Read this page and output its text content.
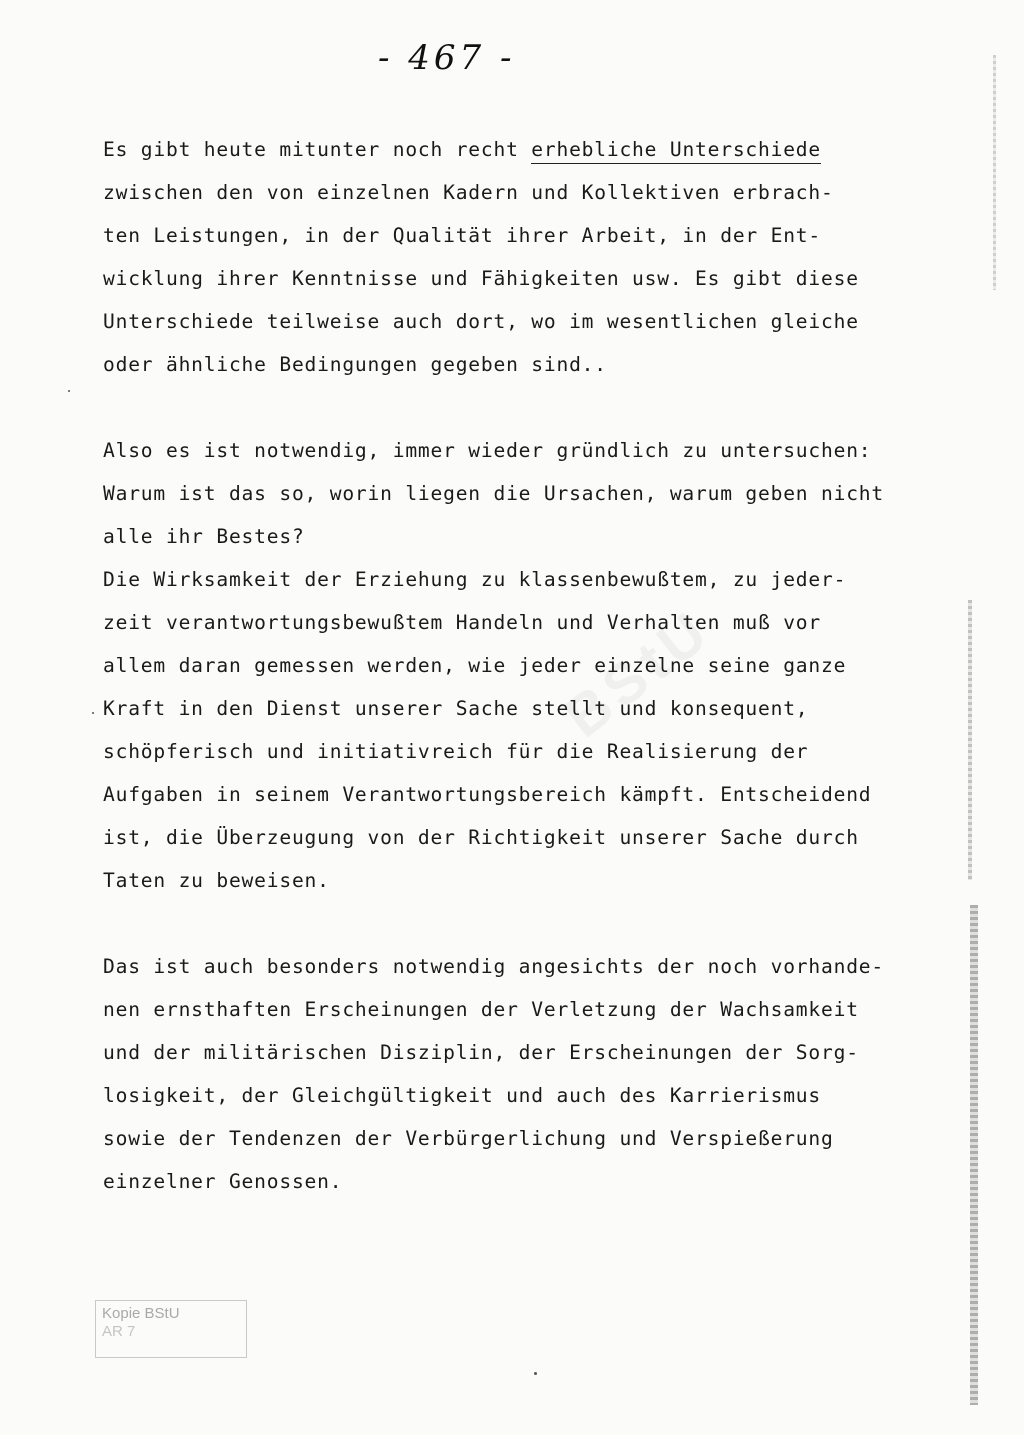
- 467 -
Es gibt heute mitunter noch recht erhebliche Unterschiede
zwischen den von einzelnen Kadern und Kollektiven erbrach-
ten Leistungen, in der Qualität ihrer Arbeit, in der Ent-
wicklung ihrer Kenntnisse und Fähigkeiten usw. Es gibt diese
Unterschiede teilweise auch dort, wo im wesentlichen gleiche
oder ähnliche Bedingungen gegeben sind..
Also es ist notwendig, immer wieder gründlich zu untersuchen:
Warum ist das so, worin liegen die Ursachen, warum geben nicht
alle ihr Bestes?
Die Wirksamkeit der Erziehung zu klassenbewußtem, zu jeder-
zeit verantwortungsbewußtem Handeln und Verhalten muß vor
allem daran gemessen werden, wie jeder einzelne seine ganze
Kraft in den Dienst unserer Sache stellt und konsequent,
schöpferisch und initiativreich für die Realisierung der
Aufgaben in seinem Verantwortungsbereich kämpft. Entscheidend
ist, die Überzeugung von der Richtigkeit unserer Sache durch
Taten zu beweisen.
Das ist auch besonders notwendig angesichts der noch vorhande-
nen ernsthaften Erscheinungen der Verletzung der Wachsamkeit
und der militärischen Disziplin, der Erscheinungen der Sorg-
losigkeit, der Gleichgültigkeit und auch des Karrierismus
sowie der Tendenzen der Verbürgerlichung und Verspießerung
einzelner Genossen.
Kopie BStU
AR 7
